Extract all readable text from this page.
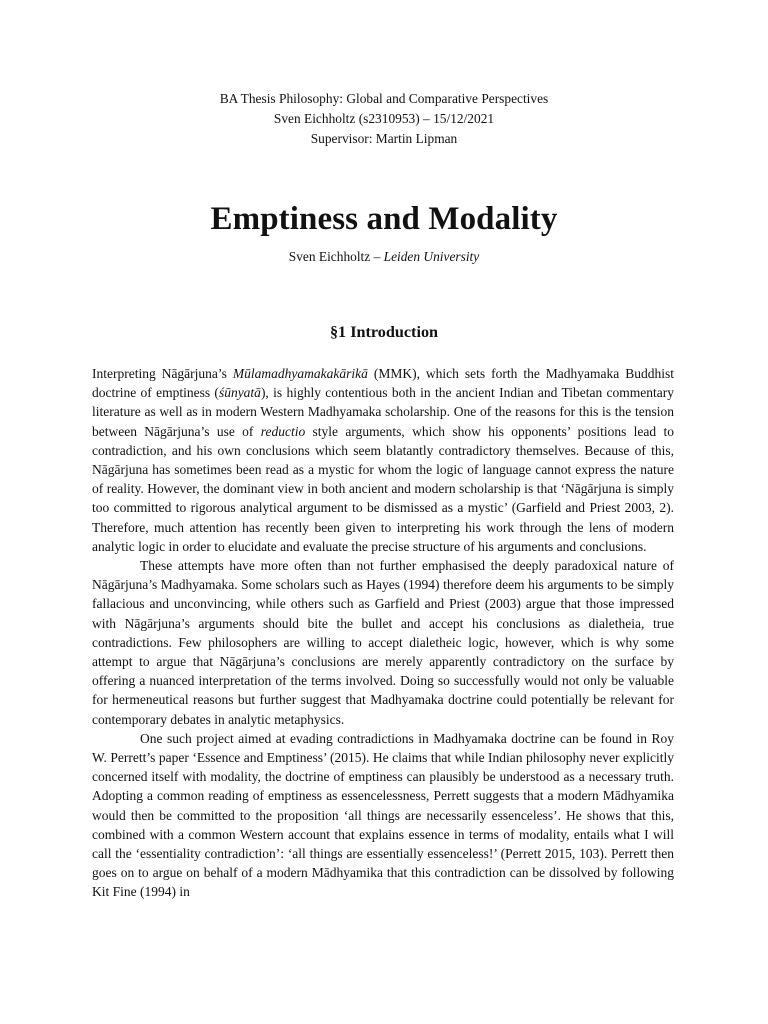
BA Thesis Philosophy: Global and Comparative Perspectives
Sven Eichholtz (s2310953) – 15/12/2021
Supervisor: Martin Lipman
Emptiness and Modality
Sven Eichholtz – Leiden University
§1 Introduction

Interpreting Nāgārjuna’s Mūlamadhyamakakārikā (MMK), which sets forth the Madhyamaka Buddhist doctrine of emptiness (śūnyatā), is highly contentious both in the ancient Indian and Tibetan commentary literature as well as in modern Western Madhyamaka scholarship. One of the reasons for this is the tension between Nāgārjuna’s use of reductio style arguments, which show his opponents’ positions lead to contradiction, and his own conclusions which seem blatantly contradictory themselves. Because of this, Nāgārjuna has sometimes been read as a mystic for whom the logic of language cannot express the nature of reality. However, the dominant view in both ancient and modern scholarship is that ‘Nāgārjuna is simply too committed to rigorous analytical argument to be dismissed as a mystic’ (Garfield and Priest 2003, 2). Therefore, much attention has recently been given to interpreting his work through the lens of modern analytic logic in order to elucidate and evaluate the precise structure of his arguments and conclusions.

These attempts have more often than not further emphasised the deeply paradoxical nature of Nāgārjuna’s Madhyamaka. Some scholars such as Hayes (1994) therefore deem his arguments to be simply fallacious and unconvincing, while others such as Garfield and Priest (2003) argue that those impressed with Nāgārjuna’s arguments should bite the bullet and accept his conclusions as dialetheia, true contradictions. Few philosophers are willing to accept dialetheic logic, however, which is why some attempt to argue that Nāgārjuna’s conclusions are merely apparently contradictory on the surface by offering a nuanced interpretation of the terms involved. Doing so successfully would not only be valuable for hermeneutical reasons but further suggest that Madhyamaka doctrine could potentially be relevant for contemporary debates in analytic metaphysics.

One such project aimed at evading contradictions in Madhyamaka doctrine can be found in Roy W. Perrett’s paper ‘Essence and Emptiness’ (2015). He claims that while Indian philosophy never explicitly concerned itself with modality, the doctrine of emptiness can plausibly be understood as a necessary truth. Adopting a common reading of emptiness as essencelessness, Perrett suggests that a modern Mādhyamika would then be committed to the proposition ‘all things are necessarily essenceless’. He shows that this, combined with a common Western account that explains essence in terms of modality, entails what I will call the ‘essentiality contradiction’: ‘all things are essentially essenceless!’ (Perrett 2015, 103). Perrett then goes on to argue on behalf of a modern Mādhyamika that this contradiction can be dissolved by following Kit Fine (1994) in
